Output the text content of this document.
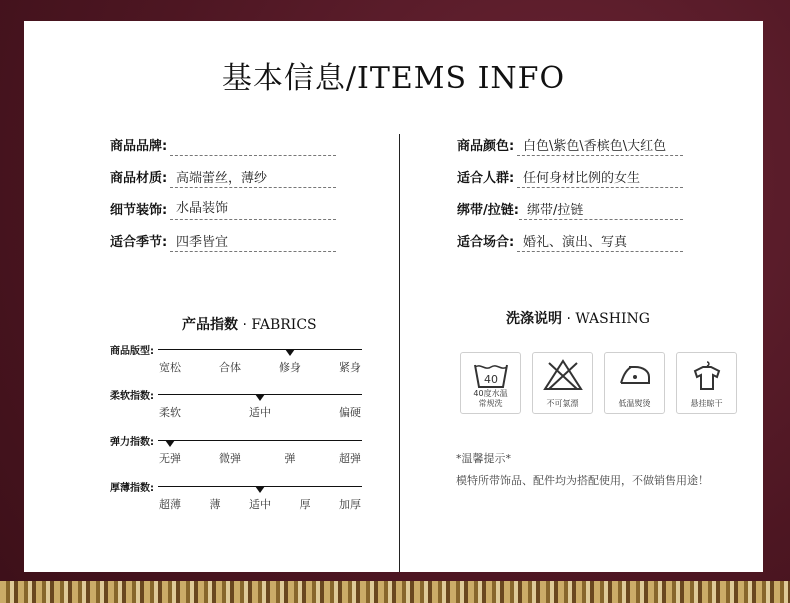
基本信息/ITEMS INFO
商品品牌:
商品材质: 高端蕾丝，薄纱
细节装饰: 水晶装饰
适合季节: 四季皆宜
商品颜色: 白色\紫色\香槟色\大红色
适合人群: 任何身材比例的女生
绑带/拉链: 绑带/拉链
适合场合: 婚礼、演出、写真
产品指数 · FABRICS
商品版型:
宽松	合体	修身	紧身
柔软指数:
柔软	适中	偏硬
弹力指数:
无弹	微弹	弹	超弹
厚薄指数:
超薄	薄	适中	厚	加厚
洗涤说明 · WASHING
40
40度水温
常规洗	不可氯漂	低温熨烫	悬挂晾干
*温馨提示*
模特所带饰品、配件均为搭配使用，不做销售用途！
